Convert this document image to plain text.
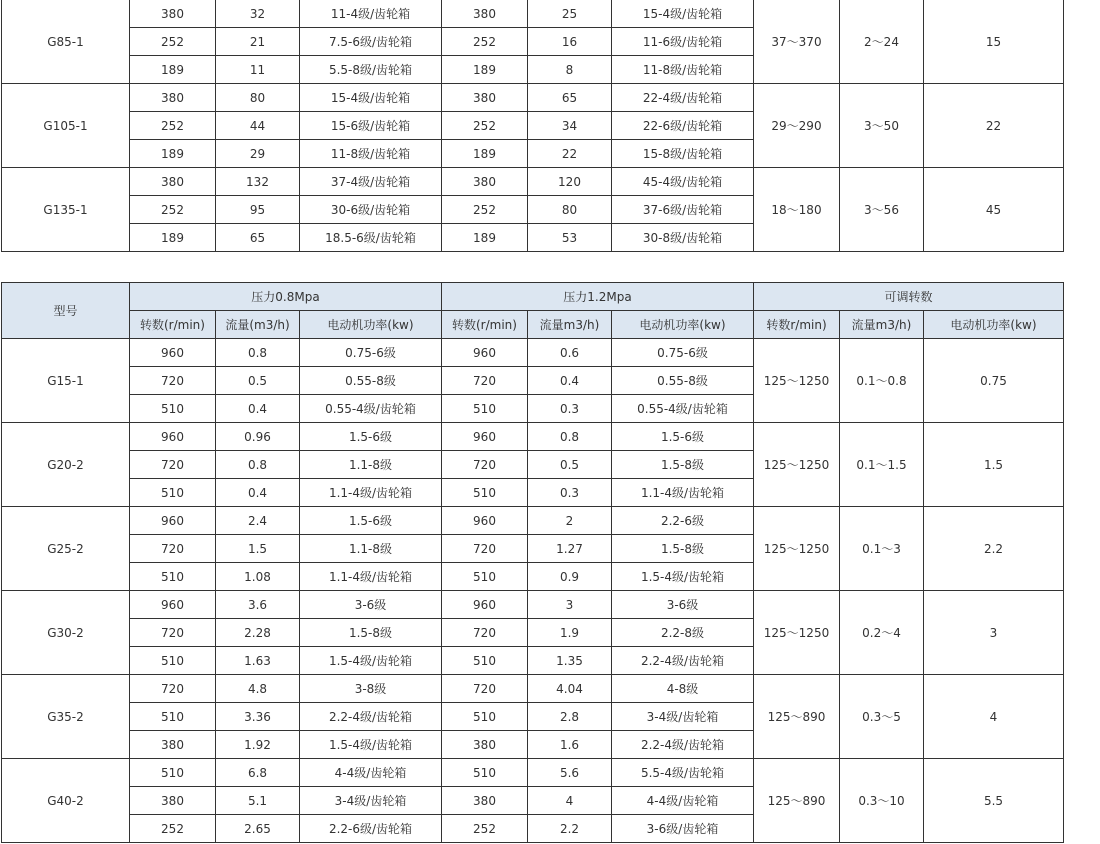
G85-1	380	32	11-4级/齿轮箱	380	25	15-4级/齿轮箱	37～370	2～24	15
	252	21	7.5-6级/齿轮箱	252	16	11-6级/齿轮箱			
	189	11	5.5-8级/齿轮箱	189	8	11-8级/齿轮箱			
G105-1	380	80	15-4级/齿轮箱	380	65	22-4级/齿轮箱	29～290	3～50	22
	252	44	15-6级/齿轮箱	252	34	22-6级/齿轮箱			
	189	29	11-8级/齿轮箱	189	22	15-8级/齿轮箱			
G135-1	380	132	37-4级/齿轮箱	380	120	45-4级/齿轮箱	18～180	3～56	45
	252	95	30-6级/齿轮箱	252	80	37-6级/齿轮箱			
	189	65	18.5-6级/齿轮箱	189	53	30-8级/齿轮箱			
型号	压力0.8Mpa			压力1.2Mpa			可调转数		
	转数(r/min)	流量(m3/h)	电动机功率(kw)	转数(r/min)	流量m3/h)	电动机功率(kw)	转数r/min)	流量m3/h)	电动机功率(kw)
G15-1	960	0.8	0.75-6级	960	0.6	0.75-6级	125～1250	0.1～0.8	0.75
	720	0.5	0.55-8级	720	0.4	0.55-8级			
	510	0.4	0.55-4级/齿轮箱	510	0.3	0.55-4级/齿轮箱			
G20-2	960	0.96	1.5-6级	960	0.8	1.5-6级	125～1250	0.1～1.5	1.5
	720	0.8	1.1-8级	720	0.5	1.5-8级			
	510	0.4	1.1-4级/齿轮箱	510	0.3	1.1-4级/齿轮箱			
G25-2	960	2.4	1.5-6级	960	2	2.2-6级	125～1250	0.1～3	2.2
	720	1.5	1.1-8级	720	1.27	1.5-8级			
	510	1.08	1.1-4级/齿轮箱	510	0.9	1.5-4级/齿轮箱			
G30-2	960	3.6	3-6级	960	3	3-6级	125～1250	0.2～4	3
	720	2.28	1.5-8级	720	1.9	2.2-8级			
	510	1.63	1.5-4级/齿轮箱	510	1.35	2.2-4级/齿轮箱			
G35-2	720	4.8	3-8级	720	4.04	4-8级	125～890	0.3～5	4
	510	3.36	2.2-4级/齿轮箱	510	2.8	3-4级/齿轮箱			
	380	1.92	1.5-4级/齿轮箱	380	1.6	2.2-4级/齿轮箱			
G40-2	510	6.8	4-4级/齿轮箱	510	5.6	5.5-4级/齿轮箱	125～890	0.3～10	5.5
	380	5.1	3-4级/齿轮箱	380	4	4-4级/齿轮箱			
	252	2.65	2.2-6级/齿轮箱	252	2.2	3-6级/齿轮箱			
